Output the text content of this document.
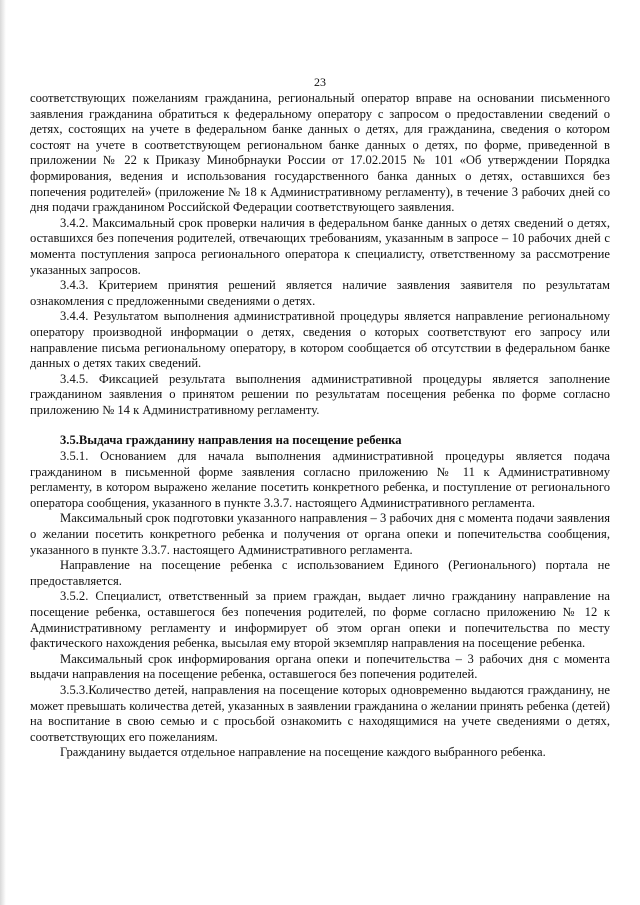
23

соответствующих пожеланиям гражданина, региональный оператор вправе на основании письменного заявления гражданина обратиться к федеральному оператору с запросом о предоставлении сведений о детях, состоящих на учете в федеральном банке данных о детях, для гражданина, сведения о котором состоят на учете в соответствующем региональном банке данных о детях, по форме, приведенной в приложении № 22 к Приказу Минобрнауки России от 17.02.2015 № 101 «Об утверждении Порядка формирования, ведения и использования государственного банка данных о детях, оставшихся без попечения родителей» (приложение № 18 к Административному регламенту), в течение 3 рабочих дней со дня подачи гражданином Российской Федерации соответствующего заявления.

3.4.2. Максимальный срок проверки наличия в федеральном банке данных о детях сведений о детях, оставшихся без попечения родителей, отвечающих требованиям, указанным в запросе – 10 рабочих дней с момента поступления запроса регионального оператора к специалисту, ответственному за рассмотрение указанных запросов.

3.4.3. Критерием принятия решений является наличие заявления заявителя по результатам ознакомления с предложенными сведениями о детях.

3.4.4. Результатом выполнения административной процедуры является направление региональному оператору производной информации о детях, сведения о которых соответствуют его запросу или направление письма региональному оператору, в котором сообщается об отсутствии в федеральном банке данных о детях таких сведений.

3.4.5. Фиксацией результата выполнения административной процедуры является заполнение гражданином заявления о принятом решении по результатам посещения ребенка по форме согласно приложению № 14 к Административному регламенту.

3.5.Выдача гражданину направления на посещение ребенка

3.5.1. Основанием для начала выполнения административной процедуры является подача гражданином в письменной форме заявления согласно приложению № 11 к Административному регламенту, в котором выражено желание посетить конкретного ребенка, и поступление от регионального оператора сообщения, указанного в пункте 3.3.7. настоящего Административного регламента.

Максимальный срок подготовки указанного направления – 3 рабочих дня с момента подачи заявления о желании посетить конкретного ребенка и получения от органа опеки и попечительства сообщения, указанного в пункте 3.3.7. настоящего Административного регламента.

Направление на посещение ребенка с использованием Единого (Регионального) портала не предоставляется.

3.5.2. Специалист, ответственный за прием граждан, выдает лично гражданину направление на посещение ребенка, оставшегося без попечения родителей, по форме согласно приложению № 12 к Административному регламенту и информирует об этом орган опеки и попечительства по месту фактического нахождения ребенка, высылая ему второй экземпляр направления на посещение ребенка.

Максимальный срок информирования органа опеки и попечительства – 3 рабочих дня с момента выдачи направления на посещение ребенка, оставшегося без попечения родителей.

3.5.3.Количество детей, направления на посещение которых одновременно выдаются гражданину, не может превышать количества детей, указанных в заявлении гражданина о желании принять ребенка (детей) на воспитание в свою семью и с просьбой ознакомить с находящимися на учете сведениями о детях, соответствующих его пожеланиям.

Гражданину выдается отдельное направление на посещение каждого выбранного ребенка.
